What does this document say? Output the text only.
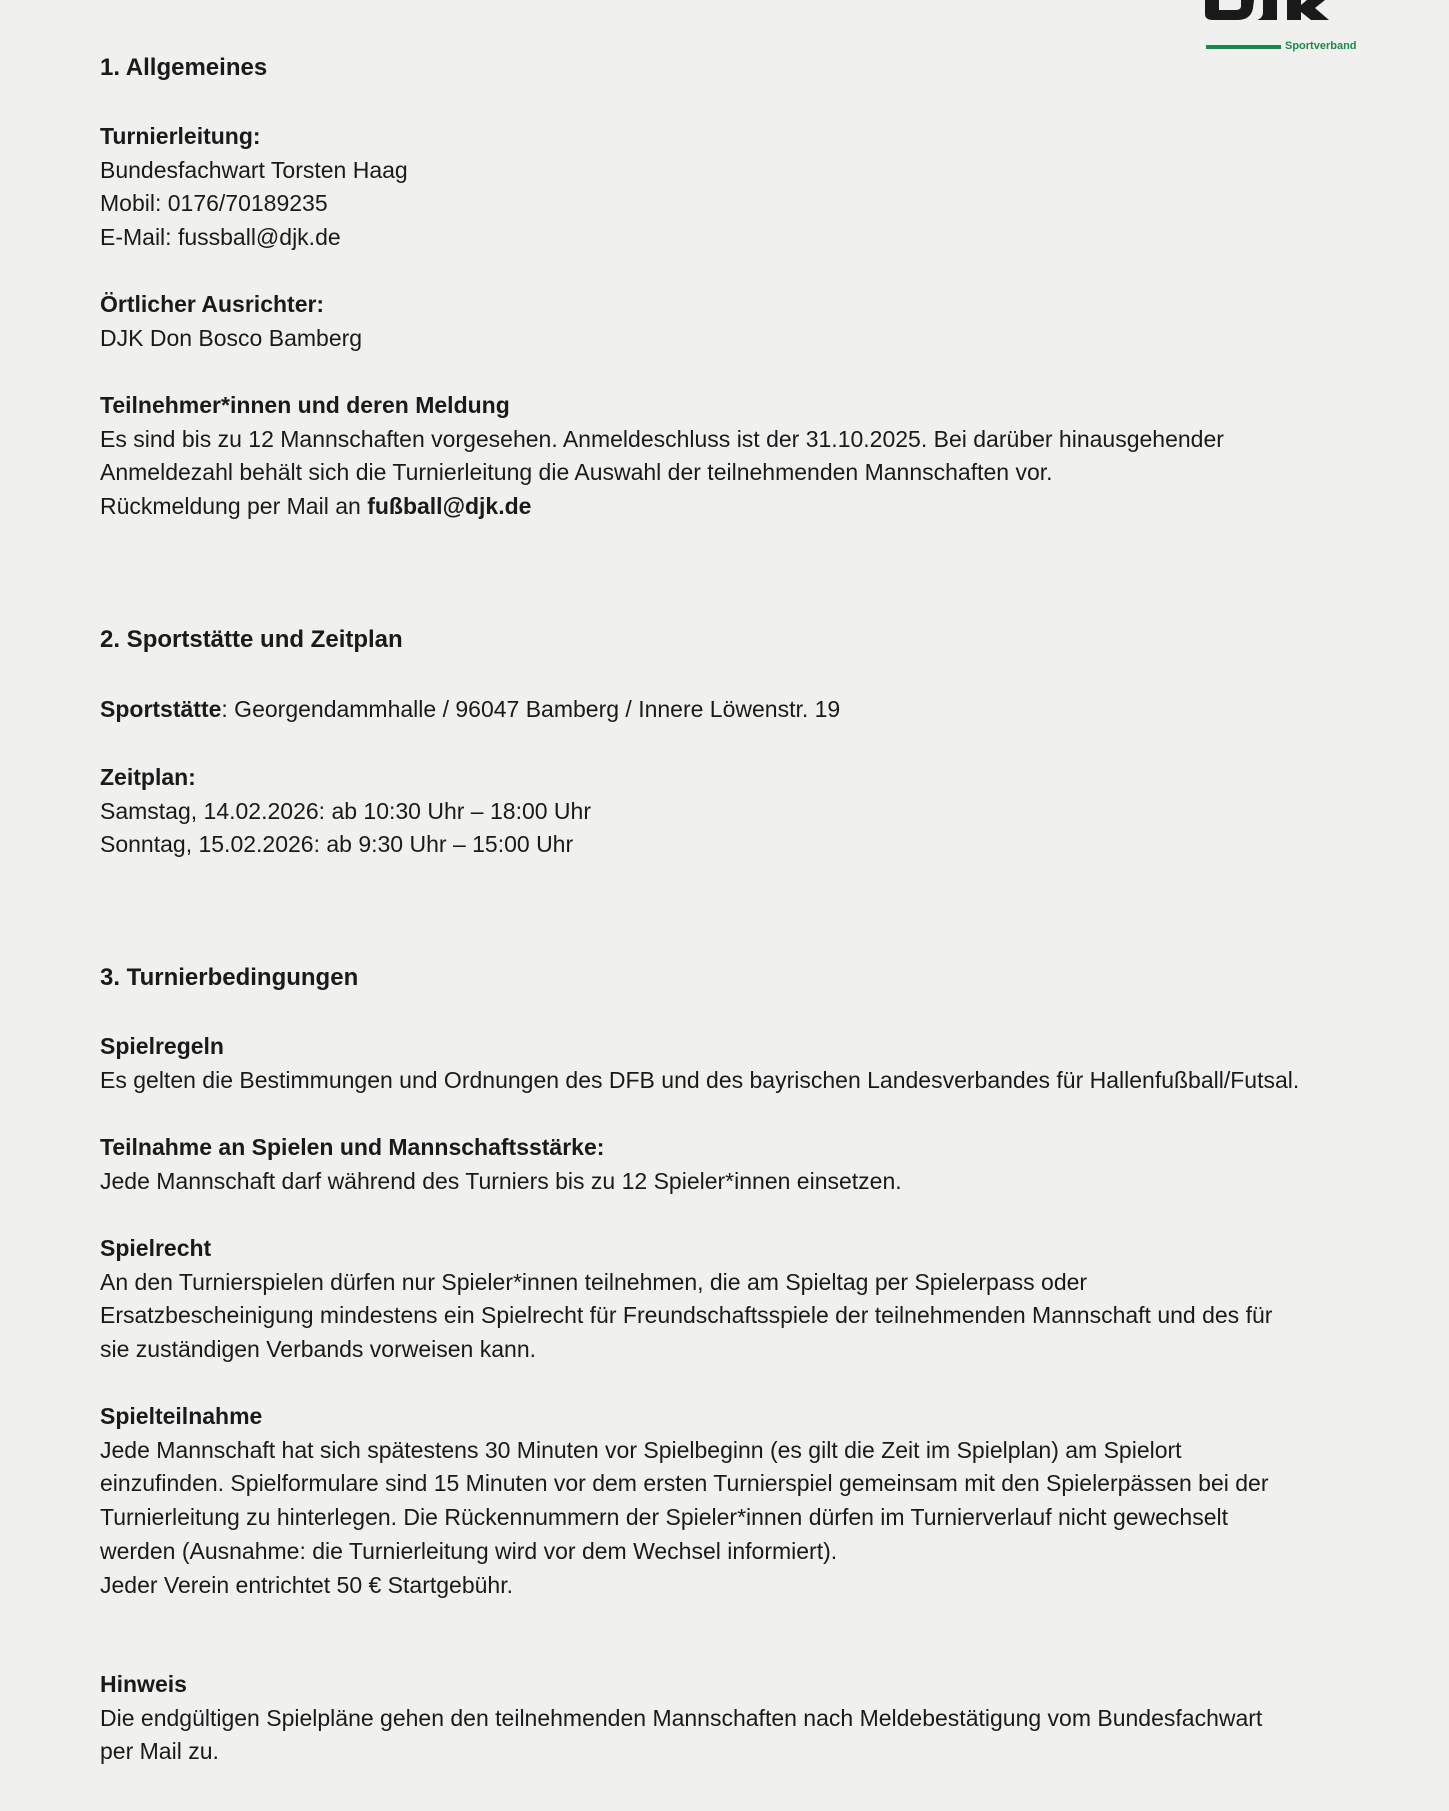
Sportverband
1. Allgemeines
Turnierleitung:
Bundesfachwart Torsten Haag
Mobil: 0176/70189235
E-Mail: fussball@djk.de
Örtlicher Ausrichter:
DJK Don Bosco Bamberg
Teilnehmer*innen und deren Meldung
Es sind bis zu 12 Mannschaften vorgesehen. Anmeldeschluss ist der 31.10.2025. Bei darüber hinausgehender
Anmeldezahl behält sich die Turnierleitung die Auswahl der teilnehmenden Mannschaften vor.
Rückmeldung per Mail an fußball@djk.de
2. Sportstätte und Zeitplan
Sportstätte: Georgendammhalle / 96047 Bamberg / Innere Löwenstr. 19
Zeitplan:
Samstag, 14.02.2026: ab 10:30 Uhr – 18:00 Uhr
Sonntag, 15.02.2026: ab 9:30 Uhr – 15:00 Uhr
3. Turnierbedingungen
Spielregeln
Es gelten die Bestimmungen und Ordnungen des DFB und des bayrischen Landesverbandes für Hallenfußball/Futsal.
Teilnahme an Spielen und Mannschaftsstärke:
Jede Mannschaft darf während des Turniers bis zu 12 Spieler*innen einsetzen.
Spielrecht
An den Turnierspielen dürfen nur Spieler*innen teilnehmen, die am Spieltag per Spielerpass oder
Ersatzbescheinigung mindestens ein Spielrecht für Freundschaftsspiele der teilnehmenden Mannschaft und des für
sie zuständigen Verbands vorweisen kann.
Spielteilnahme
Jede Mannschaft hat sich spätestens 30 Minuten vor Spielbeginn (es gilt die Zeit im Spielplan) am Spielort
einzufinden. Spielformulare sind 15 Minuten vor dem ersten Turnierspiel gemeinsam mit den Spielerpässen bei der
Turnierleitung zu hinterlegen. Die Rückennummern der Spieler*innen dürfen im Turnierverlauf nicht gewechselt
werden (Ausnahme: die Turnierleitung wird vor dem Wechsel informiert).
Jeder Verein entrichtet 50 € Startgebühr.
Hinweis
Die endgültigen Spielpläne gehen den teilnehmenden Mannschaften nach Meldebestätigung vom Bundesfachwart
per Mail zu.
